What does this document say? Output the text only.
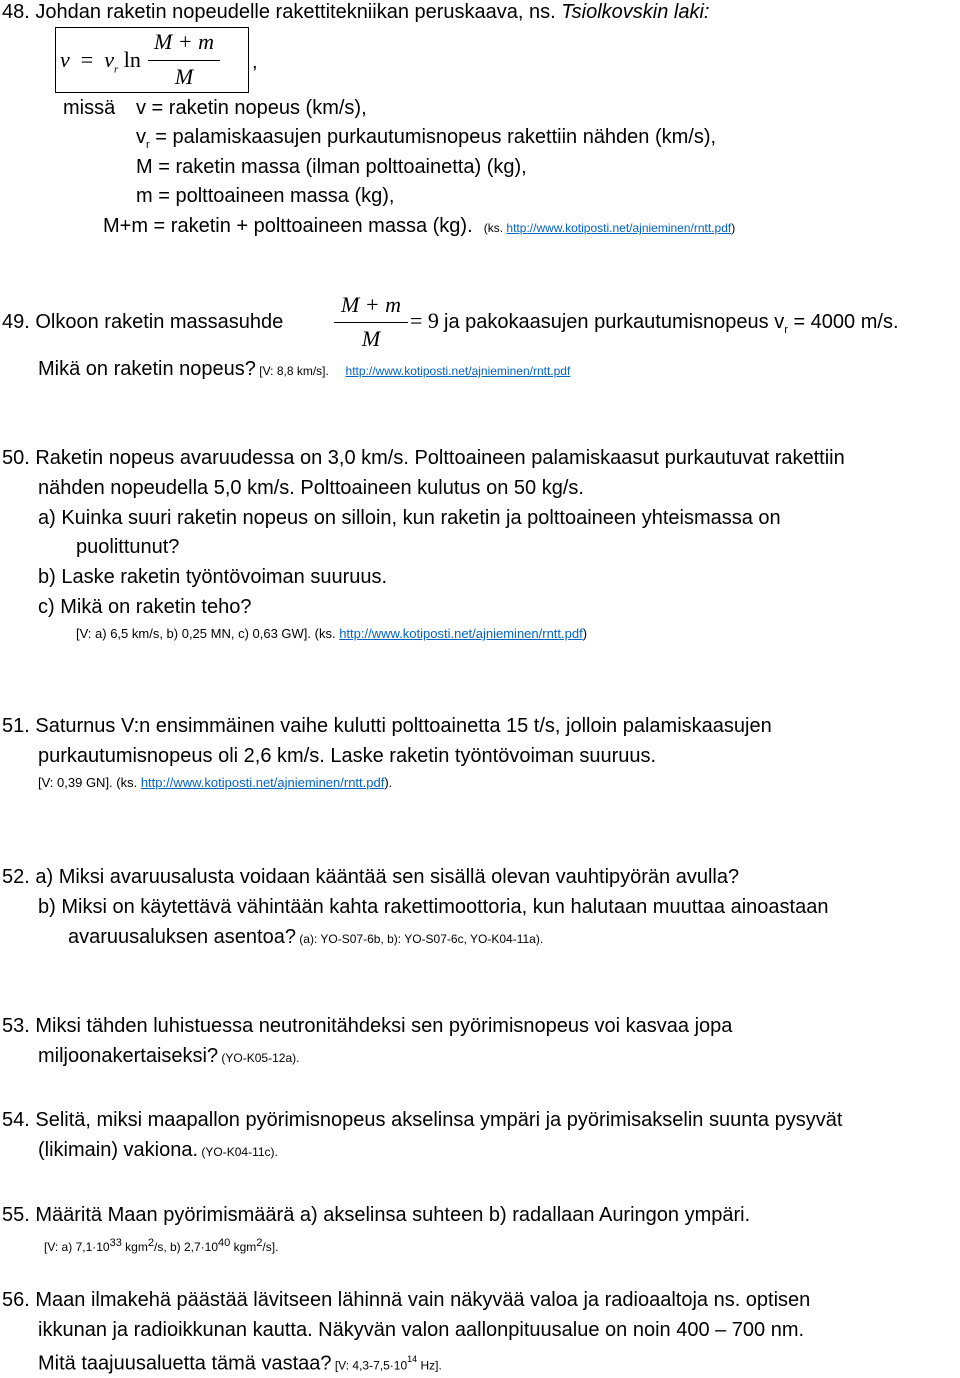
48. Johdan raketin nopeudelle rakettitekniikan peruskaava, ns. Tsiolkovskin laki:
$v = v_r$ ln
M + m
M
,
missä v = raketin nopeus (km/s),
$v_r$ = palamiskaasujen purkautumisnopeus rakettiin nähden (km/s),
M = raketin massa (ilman polttoainetta) (kg),
m = polttoaineen massa (kg),
M+m = raketin + polttoaineen massa (kg). (ks. http://www.kotiposti.net/ajnieminen/rntt.pdf)
49. Olkoon raketin massasuhde
M + m
M
= 9 ja pakokaasujen purkautumisnopeus $v_r = 4000$ m/s.
Mikä on raketin nopeus? [V: 8,8 km/s]. http://www.kotiposti.net/ajnieminen/rntt.pdf
50. Raketin nopeus avaruudessa on 3,0 km/s. Polttoaineen palamiskaasut purkautuvat rakettiin
nähden nopeudella 5,0 km/s. Polttoaineen kulutus on 50 kg/s.
a) Kuinka suuri raketin nopeus on silloin, kun raketin ja polttoaineen yhteismassa on
puolittunut?
b) Laske raketin työntövoiman suuruus.
c) Mikä on raketin teho?
[V: a) 6,5 km/s, b) 0,25 MN, c) 0,63 GW]. (ks. http://www.kotiposti.net/ajnieminen/rntt.pdf)
51. Saturnus V:n ensimmäinen vaihe kulutti polttoainetta 15 t/s, jolloin palamiskaasujen
purkautumisnopeus oli 2,6 km/s. Laske raketin työntövoiman suuruus.
[V: 0,39 GN]. (ks. http://www.kotiposti.net/ajnieminen/rntt.pdf).
52. a) Miksi avaruusalusta voidaan kääntää sen sisällä olevan vauhtipyörän avulla?
b) Miksi on käytettävä vähintään kahta rakettimoottoria, kun halutaan muuttaa ainoastaan
avaruusaluksen asentoa? (a): YO-S07-6b, b): YO-S07-6c, YO-K04-11a).
53. Miksi tähden luhistuessa neutronitähdeksi sen pyörimisnopeus voi kasvaa jopa
miljoonakertaiseksi? (YO-K05-12a).
54. Selitä, miksi maapallon pyörimisnopeus akselinsa ympäri ja pyörimisakselin suunta pysyvät
(likimain) vakiona. (YO-K04-11c).
55. Määritä Maan pyörimismäärä a) akselinsa suhteen b) radallaan Auringon ympäri.
[V: a) $7,1\cdot 10^{33}$ kgm$^2$/s, b) $2,7\cdot 10^{40}$ kgm$^2$/s].
56. Maan ilmakehä päästää lävitseen lähinnä vain näkyvää valoa ja radioaaltoja ns. optisen
ikkunan ja radioikkunan kautta. Näkyvän valon aallonpituusalue on noin 400 – 700 nm.
Mitä taajuusaluetta tämä vastaa? [V: $4,3-7,5\cdot 10^{14}$ Hz].
